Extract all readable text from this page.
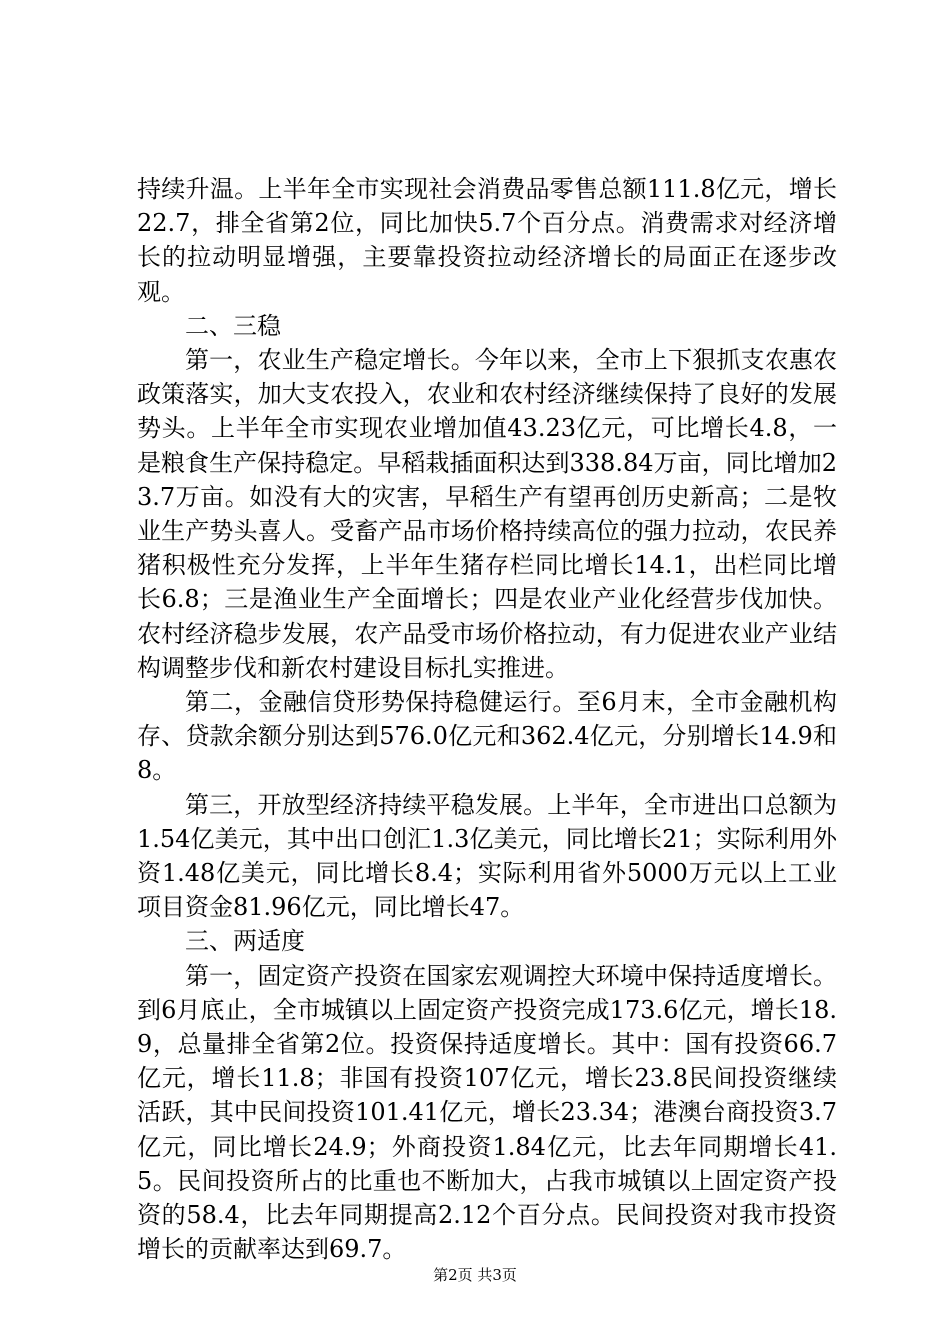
持续升温。上半年全市实现社会消费品零售总额111.8亿元，增长22.7，排全省第2位，同比加快5.7个百分点。消费需求对经济增长的拉动明显增强，主要靠投资拉动经济增长的局面正在逐步改观。

二、三稳

第一，农业生产稳定增长。今年以来，全市上下狠抓支农惠农政策落实，加大支农投入，农业和农村经济继续保持了良好的发展势头。上半年全市实现农业增加值43.23亿元，可比增长4.8，一是粮食生产保持稳定。早稻栽插面积达到338.84万亩，同比增加23.7万亩。如没有大的灾害，早稻生产有望再创历史新高；二是牧业生产势头喜人。受畜产品市场价格持续高位的强力拉动，农民养猪积极性充分发挥，上半年生猪存栏同比增长14.1，出栏同比增长6.8；三是渔业生产全面增长；四是农业产业化经营步伐加快。农村经济稳步发展，农产品受市场价格拉动，有力促进农业产业结构调整步伐和新农村建设目标扎实推进。

第二，金融信贷形势保持稳健运行。至6月末，全市金融机构存、贷款余额分别达到576.0亿元和362.4亿元，分别增长14.9和8。

第三，开放型经济持续平稳发展。上半年，全市进出口总额为1.54亿美元，其中出口创汇1.3亿美元，同比增长21；实际利用外资1.48亿美元，同比增长8.4；实际利用省外5000万元以上工业项目资金81.96亿元，同比增长47。

三、两适度

第一，固定资产投资在国家宏观调控大环境中保持适度增长。到6月底止，全市城镇以上固定资产投资完成173.6亿元，增长18.9，总量排全省第2位。投资保持适度增长。其中：国有投资66.7亿元，增长11.8；非国有投资107亿元，增长23.8民间投资继续活跃，其中民间投资101.41亿元，增长23.34；港澳台商投资3.7亿元，同比增长24.9；外商投资1.84亿元，比去年同期增长41.5。民间投资所占的比重也不断加大，占我市城镇以上固定资产投资的58.4，比去年同期提高2.12个百分点。民间投资对我市投资增长的贡献率达到69.7。

第2页 共3页
